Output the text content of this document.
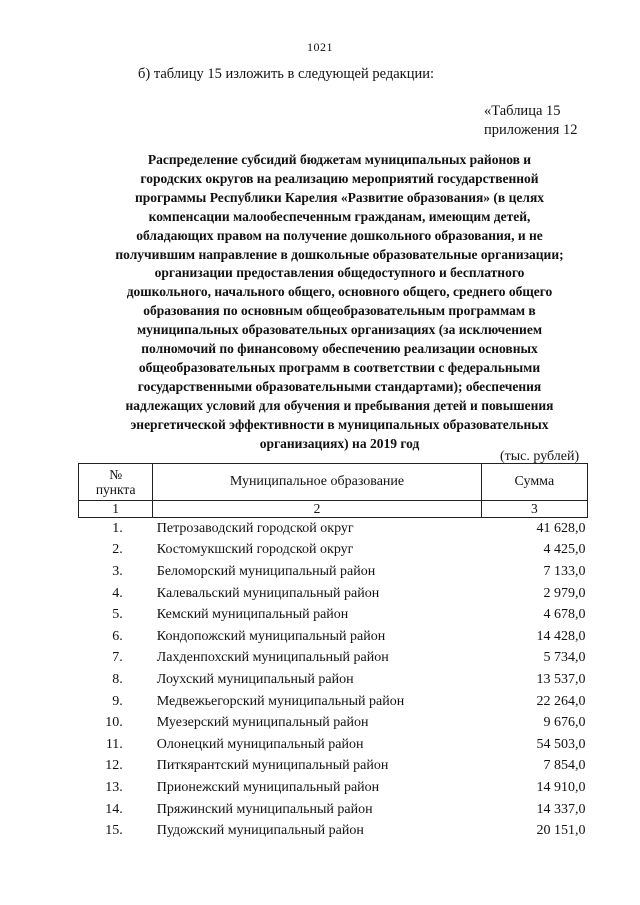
1021
б) таблицу 15 изложить в следующей редакции:
«Таблица 15
приложения 12
Распределение субсидий бюджетам муниципальных районов и
городских округов на реализацию мероприятий государственной
программы Республики Карелия «Развитие образования» (в целях
компенсации малообеспеченным гражданам, имеющим детей,
обладающих правом на получение дошкольного образования, и не
получившим направление в дошкольные образовательные организации;
организации предоставления общедоступного и бесплатного
дошкольного, начального общего, основного общего, среднего общего
образования по основным общеобразовательным программам в
муниципальных образовательных организациях (за исключением
полномочий по финансовому обеспечению реализации основных
общеобразовательных программ в соответствии с федеральными
государственными образовательными стандартами); обеспечения
надлежащих условий для обучения и пребывания детей и повышения
энергетической эффективности в муниципальных образовательных
организациях) на 2019 год
(тыс. рублей)
№
пункта	Муниципальное образование	Сумма
1	2	3
1.	Петрозаводский городской округ	41 628,0
2.	Костомукшский городской округ	4 425,0
3.	Беломорский муниципальный район	7 133,0
4.	Калевальский муниципальный район	2 979,0
5.	Кемский муниципальный район	4 678,0
6.	Кондопожский муниципальный район	14 428,0
7.	Лахденпохский муниципальный район	5 734,0
8.	Лоухский муниципальный район	13 537,0
9.	Медвежьегорский муниципальный район	22 264,0
10.	Муезерский муниципальный район	9 676,0
11.	Олонецкий муниципальный район	54 503,0
12.	Питкярантский муниципальный район	7 854,0
13.	Прионежский муниципальный район	14 910,0
14.	Пряжинский муниципальный район	14 337,0
15.	Пудожский муниципальный район	20 151,0
